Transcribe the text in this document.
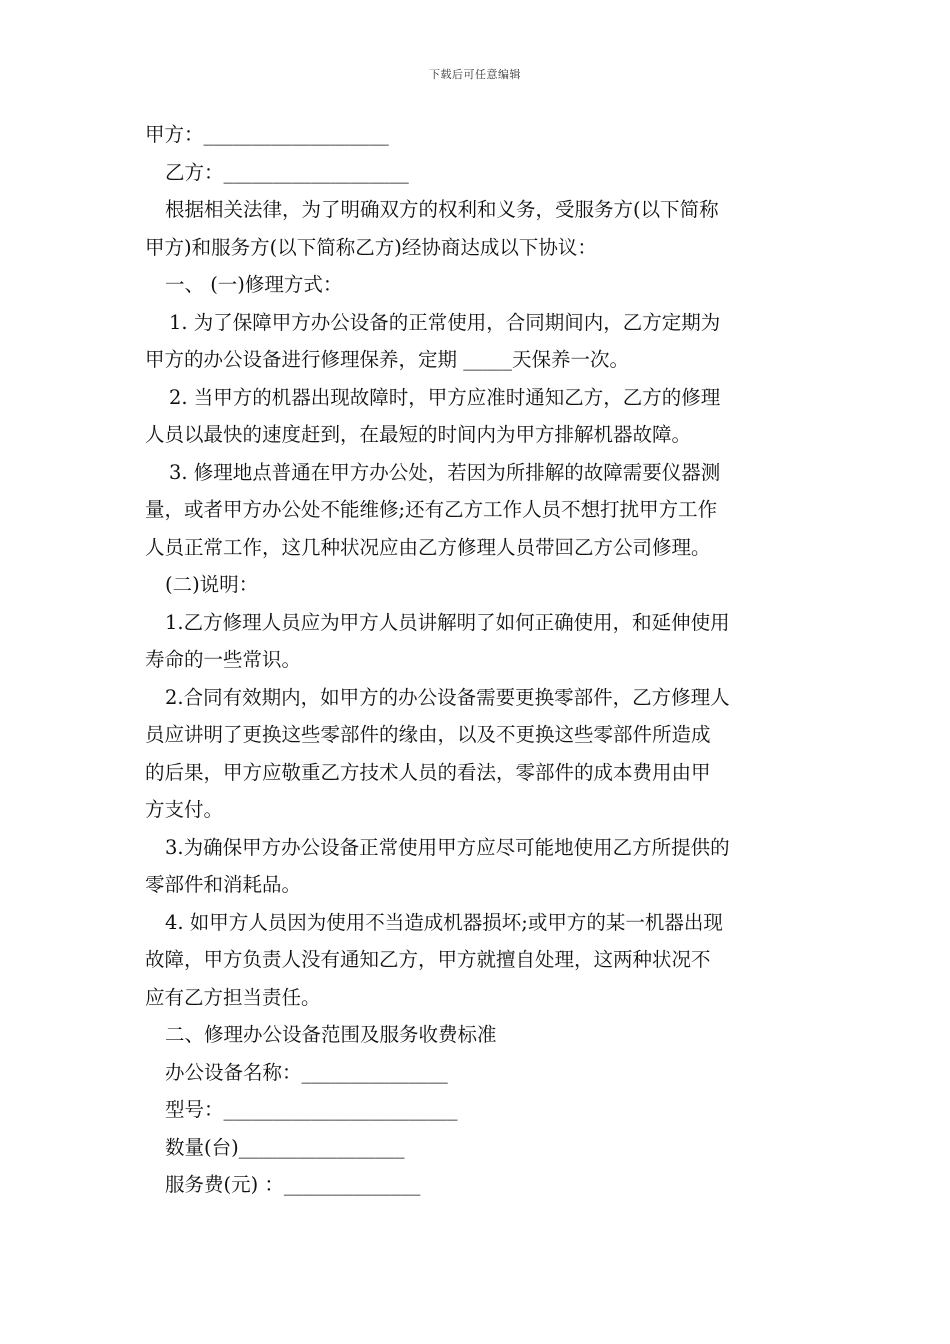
下载后可任意编辑

甲方：___________________

乙方：___________________

根据相关法律，为了明确双方的权利和义务，受服务方(以下简称

甲方)和服务方(以下简称乙方)经协商达成以下协议：

一、 (一)修理方式：

1. 为了保障甲方办公设备的正常使用，合同期间内，乙方定期为

甲方的办公设备进行修理保养，定期 _____天保养一次。

2. 当甲方的机器出现故障时，甲方应准时通知乙方，乙方的修理

人员以最快的速度赶到，在最短的时间内为甲方排解机器故障。

3. 修理地点普通在甲方办公处，若因为所排解的故障需要仪器测

量，或者甲方办公处不能维修;还有乙方工作人员不想打扰甲方工作

人员正常工作，这几种状况应由乙方修理人员带回乙方公司修理。

(二)说明：

1.乙方修理人员应为甲方人员讲解明了如何正确使用，和延伸使用

寿命的一些常识。

2.合同有效期内，如甲方的办公设备需要更换零部件，乙方修理人

员应讲明了更换这些零部件的缘由，以及不更换这些零部件所造成

的后果，甲方应敬重乙方技术人员的看法，零部件的成本费用由甲

方支付。

3.为确保甲方办公设备正常使用甲方应尽可能地使用乙方所提供的

零部件和消耗品。

4. 如甲方人员因为使用不当造成机器损坏;或甲方的某一机器出现

故障，甲方负责人没有通知乙方，甲方就擅自处理，这两种状况不

应有乙方担当责任。

二、修理办公设备范围及服务收费标准

办公设备名称：_______________

型号：________________________

数量(台)_________________

服务费(元) ：______________
